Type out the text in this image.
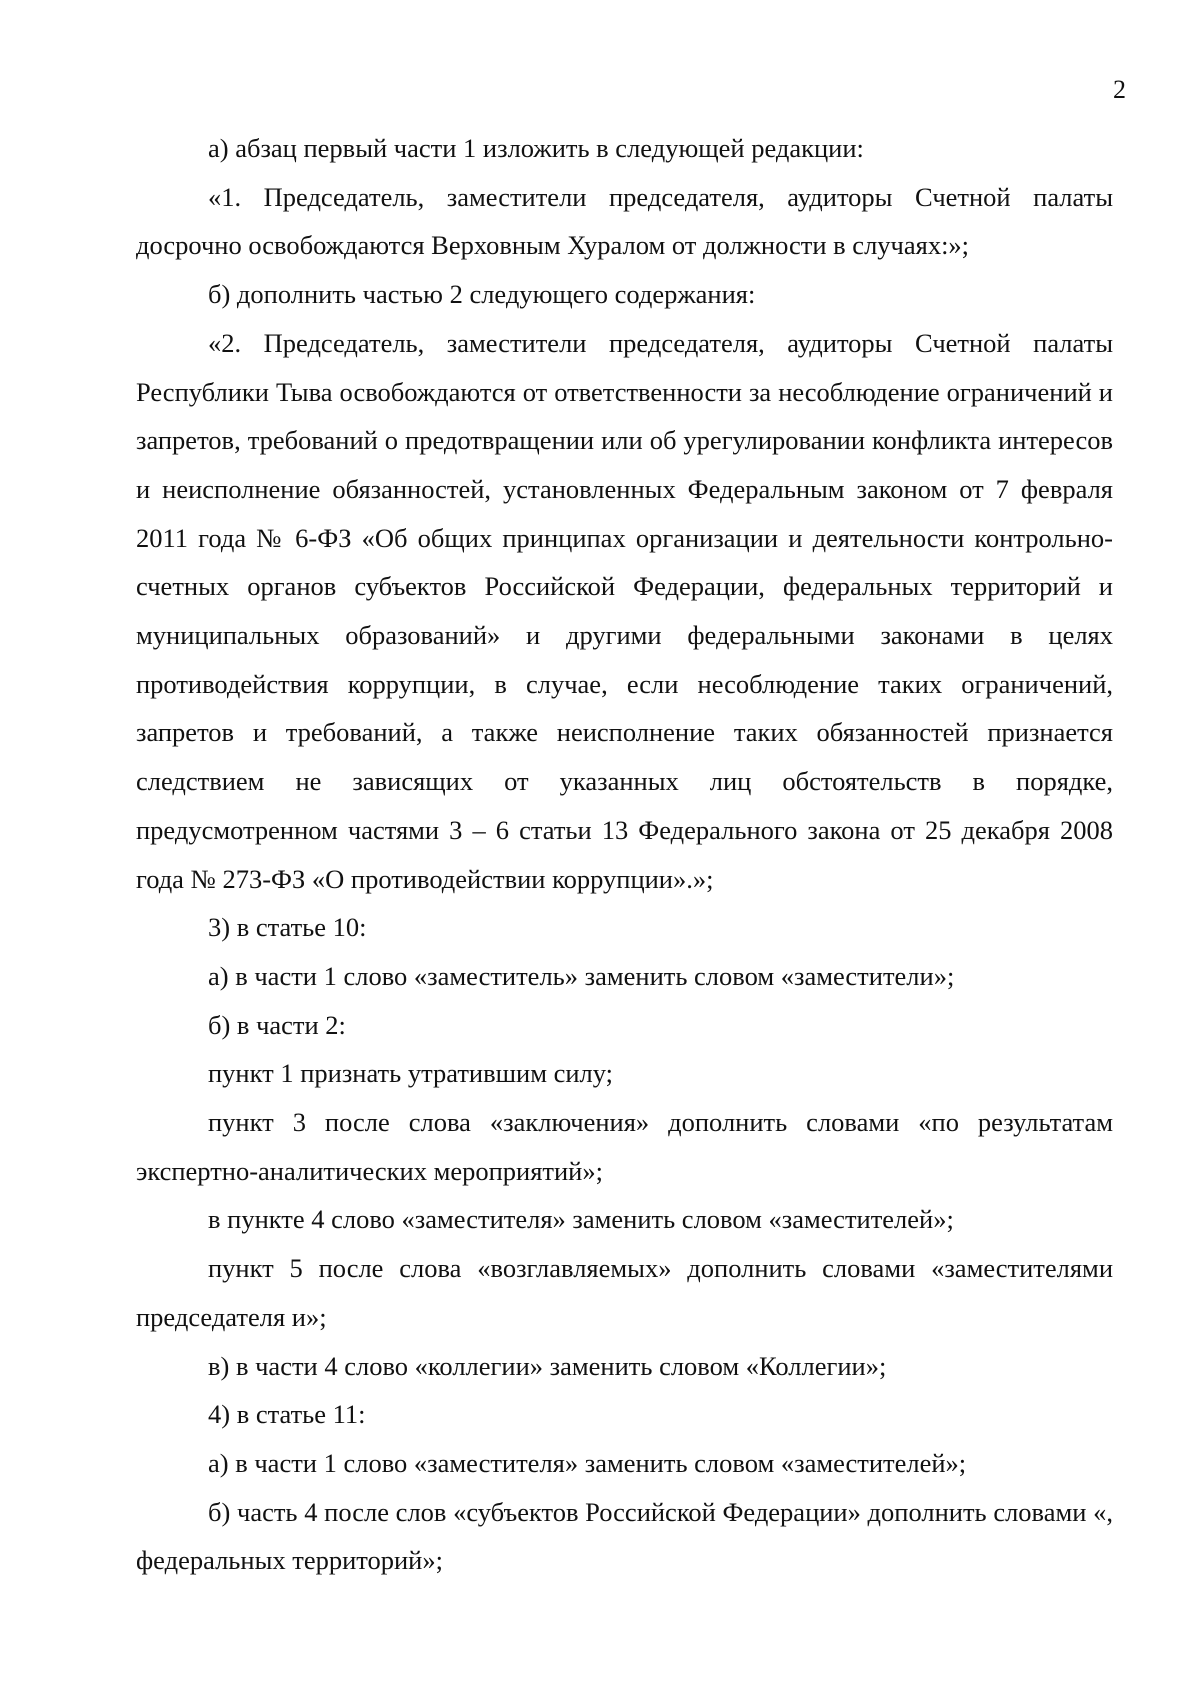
2

а) абзац первый части 1 изложить в следующей редакции:

«1. Председатель, заместители председателя, аудиторы Счетной палаты досрочно освобождаются Верховным Хуралом от должности в случаях:»;

б) дополнить частью 2 следующего содержания:

«2. Председатель, заместители председателя, аудиторы Счетной палаты Республики Тыва освобождаются от ответственности за несоблюдение ограничений и запретов, требований о предотвращении или об урегулировании конфликта интересов и неисполнение обязанностей, установленных Федеральным законом от 7 февраля 2011 года № 6-ФЗ «Об общих принципах организации и деятельности контрольно-счетных органов субъектов Российской Федерации, федеральных территорий и муниципальных образований» и другими федеральными законами в целях противодействия коррупции, в случае, если несоблюдение таких ограничений, запретов и требований, а также неисполнение таких обязанностей признается следствием не зависящих от указанных лиц обстоятельств в порядке, предусмотренном частями 3 – 6 статьи 13 Федерального закона от 25 декабря 2008 года № 273-ФЗ «О противодействии коррупции».»;

3) в статье 10:

а) в части 1 слово «заместитель» заменить словом «заместители»;

б) в части 2:

пункт 1 признать утратившим силу;

пункт 3 после слова «заключения» дополнить словами «по результатам экспертно-аналитических мероприятий»;

в пункте 4 слово «заместителя» заменить словом «заместителей»;

пункт 5 после слова «возглавляемых» дополнить словами «заместителями председателя и»;

в) в части 4 слово «коллегии» заменить словом «Коллегии»;

4) в статье 11:

а) в части 1 слово «заместителя» заменить словом «заместителей»;

б) часть 4 после слов «субъектов Российской Федерации» дополнить словами «, федеральных территорий»;
